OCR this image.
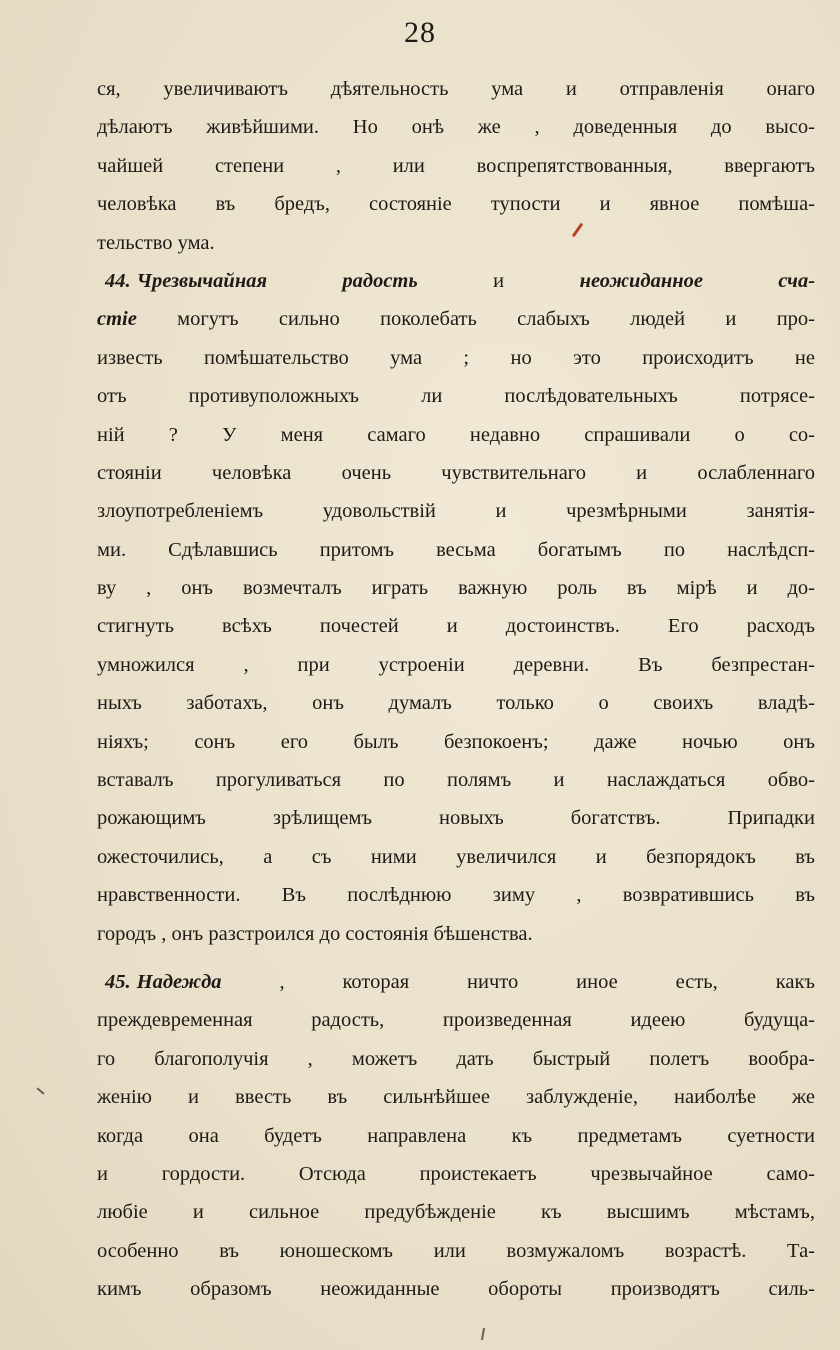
28
ся, увеличиваютъ дѣятельность ума и отправленія онаго
дѣлаютъ живѣйшими. Но онѣ же , доведенныя до высо-
чайшей степени , или воспрепятствованныя, ввергаютъ
человѣка въ бредъ, состояніе тупости и явное помѣша-
тельство ума.
44. Чрезвычайная радость	и	неожиданное сча-
стіе могутъ сильно поколебать слабыхъ людей и про-
известь помѣшательство ума ; но это происходитъ не
отъ противуположныхъ ли послѣдовательныхъ потрясе-
ній ? У меня самаго недавно спрашивали о со-
стояніи человѣка очень чувствительнаго и ослабленнаго
злоупотребленіемъ удовольствій и чрезмѣрными занятія-
ми. Сдѣлавшись притомъ весьма богатымъ по наслѣдсп-
ву , онъ возмечталъ играть важную роль въ мірѣ и до-
стигнуть всѣхъ почестей и достоинствъ. Его расходъ
умножился , при устроеніи деревни. Въ безпрестан-
ныхъ заботахъ, онъ думалъ только о своихъ владѣ-
ніяхъ; сонъ его былъ безпокоенъ; даже ночью онъ
вставалъ прогуливаться по полямъ и наслаждаться обво-
рожающимъ зрѣлищемъ новыхъ богатствъ. Припадки
ожесточились, а съ ними увеличился и безпорядокъ въ
нравственности. Въ послѣднюю зиму , возвратившись въ
городъ , онъ разстроился до состоянія бѣшенства.
45. Надежда	, которая ничто иное есть, какъ
преждевременная радость, произведенная идеею будуща-
го благополучія , можетъ дать быстрый полетъ вообра-
женію и ввесть въ сильнѣйшее заблужденіе, наиболѣе же
когда она будетъ направлена къ предметамъ суетности
и гордости. Отсюда проистекаетъ чрезвычайное само-
любіе и сильное предубѣжденіе къ высшимъ мѣстамъ,
особенно въ юношескомъ или возмужаломъ возрастѣ. Та-
кимъ образомъ неожиданные обороты производятъ силь-
